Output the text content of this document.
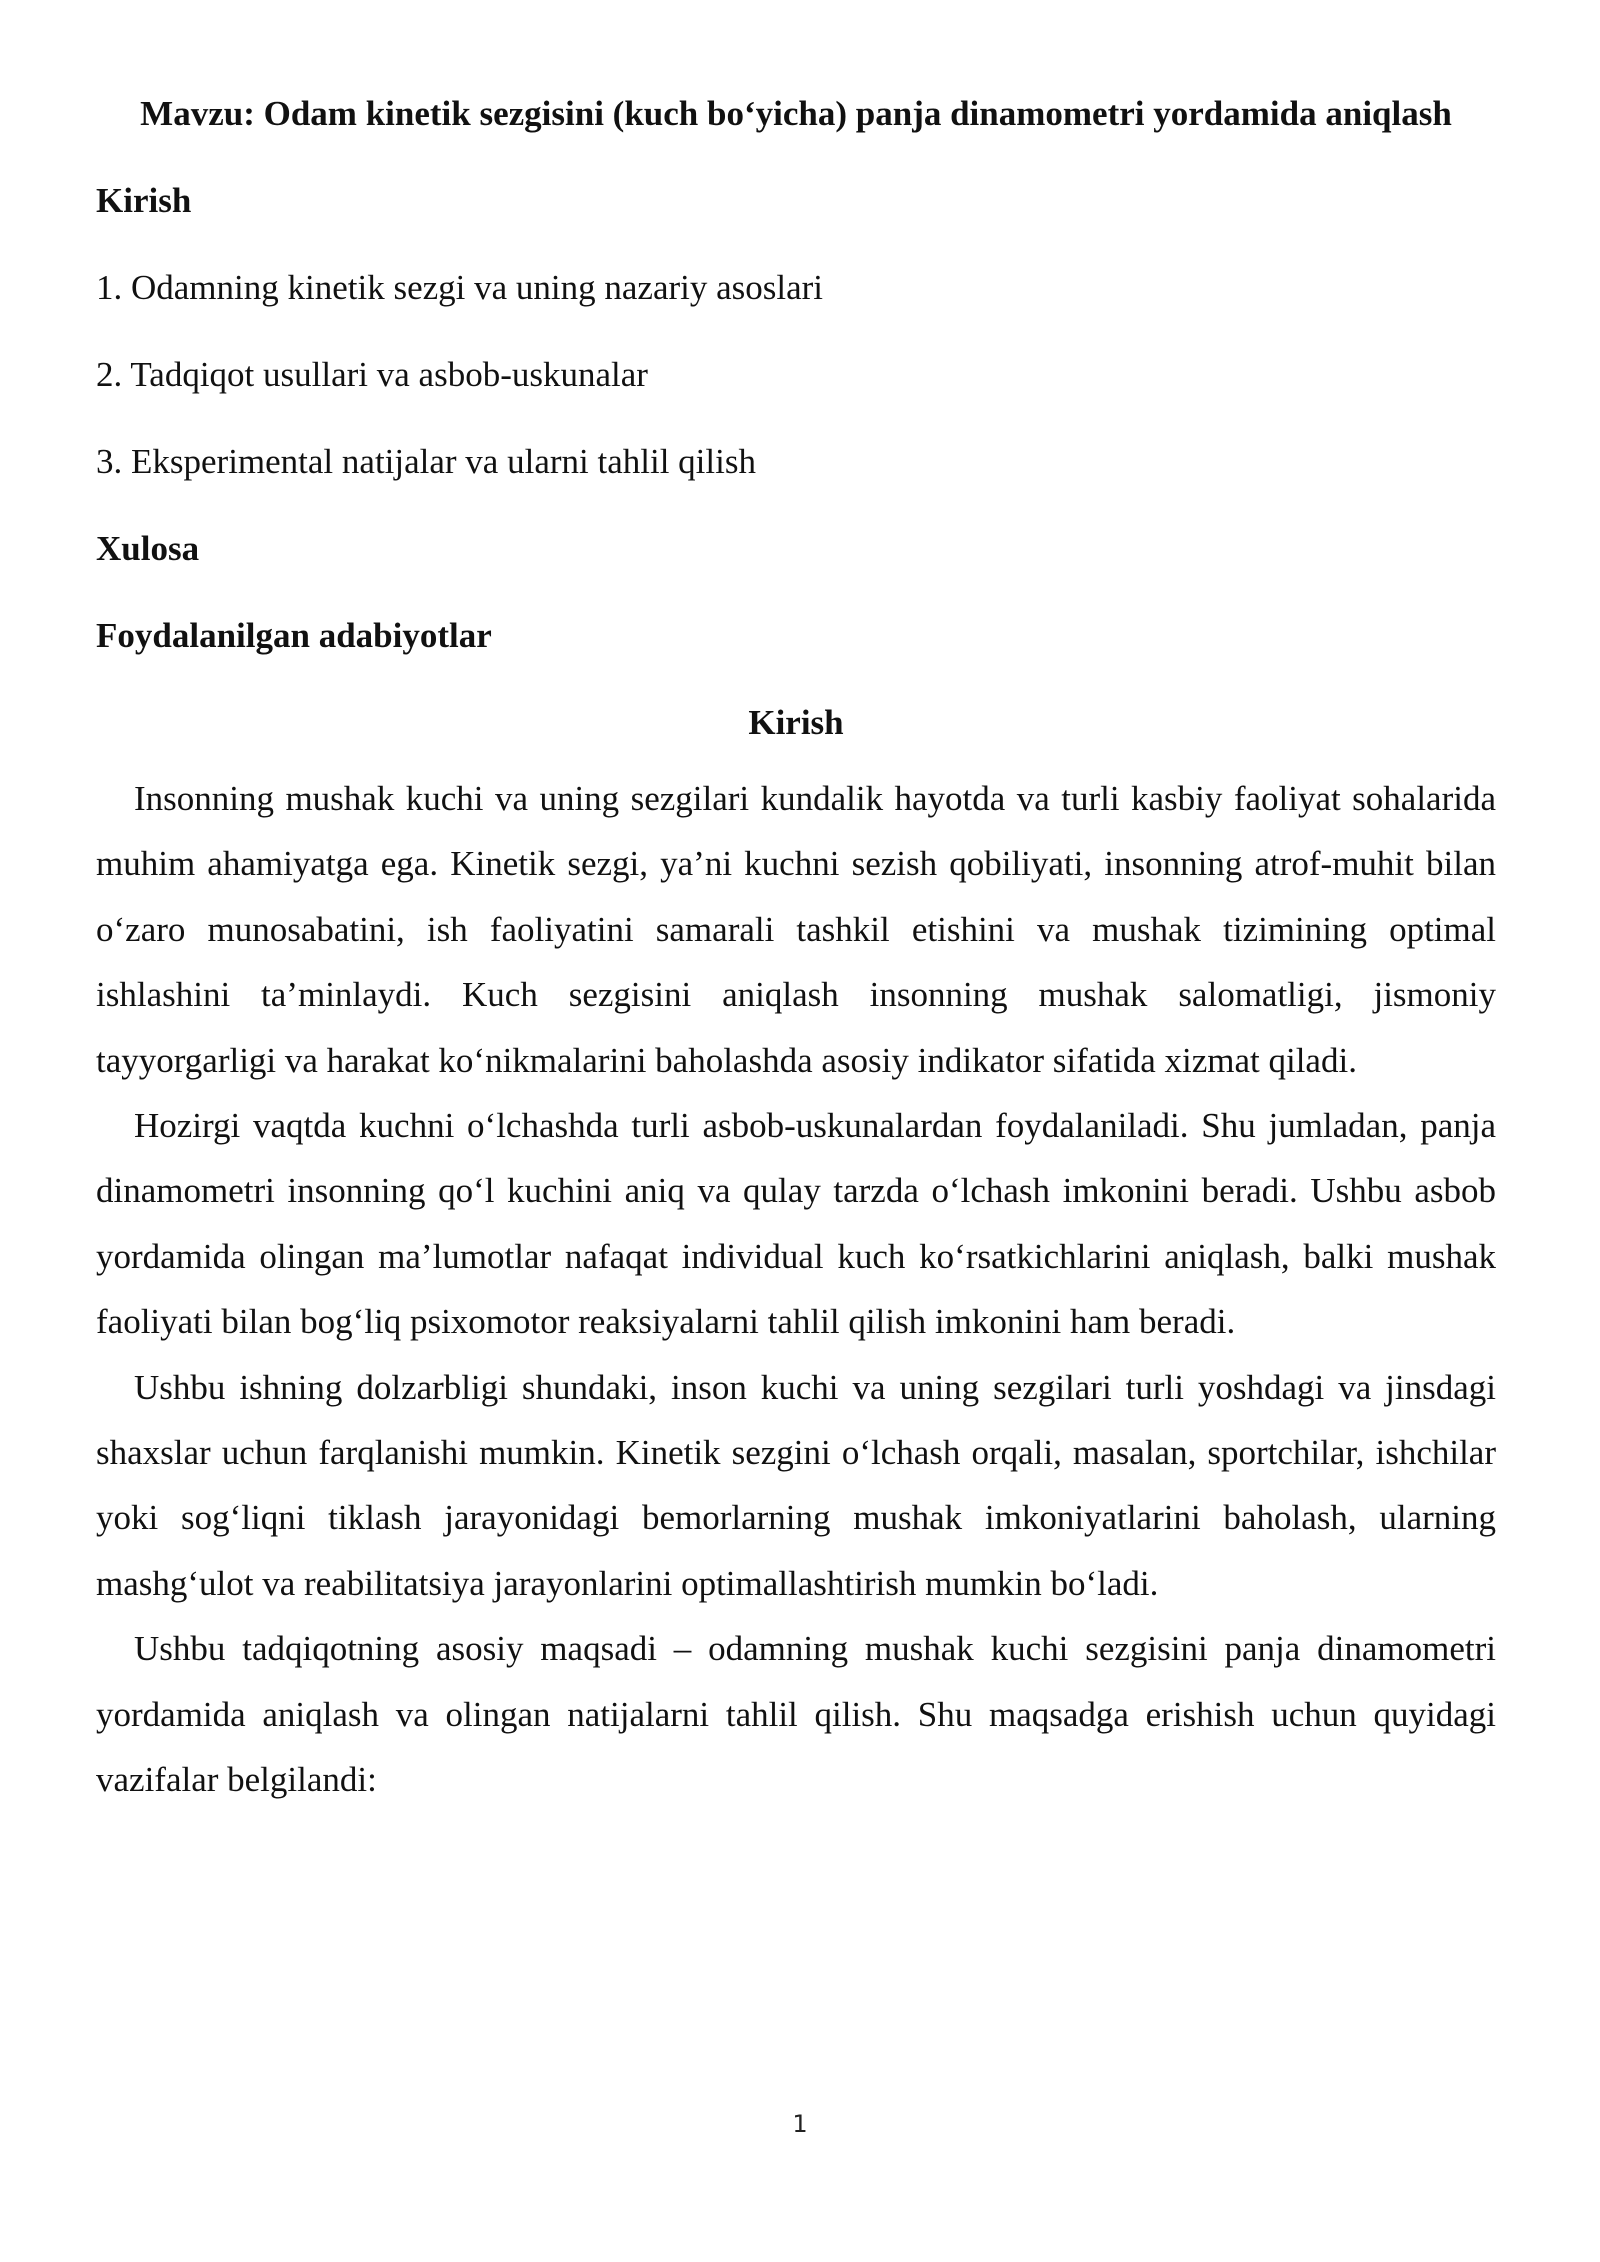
Mavzu: Odam kinetik sezgisini (kuch bo‘yicha) panja dinamometri yordamida aniqlash

Kirish

1. Odamning kinetik sezgi va uning nazariy asoslari

2. Tadqiqot usullari va asbob-uskunalar

3. Eksperimental natijalar va ularni tahlil qilish

Xulosa

Foydalanilgan adabiyotlar

Kirish

Insonning mushak kuchi va uning sezgilari kundalik hayotda va turli kasbiy faoliyat sohalarida muhim ahamiyatga ega. Kinetik sezgi, ya’ni kuchni sezish qobiliyati, insonning atrof-muhit bilan o‘zaro munosabatini, ish faoliyatini samarali tashkil etishini va mushak tizimining optimal ishlashini ta’minlaydi. Kuch sezgisini aniqlash insonning mushak salomatligi, jismoniy tayyorgarligi va harakat ko‘nikmalarini baholashda asosiy indikator sifatida xizmat qiladi.

Hozirgi vaqtda kuchni o‘lchashda turli asbob-uskunalardan foydalaniladi. Shu jumladan, panja dinamometri insonning qo‘l kuchini aniq va qulay tarzda o‘lchash imkonini beradi. Ushbu asbob yordamida olingan ma’lumotlar nafaqat individual kuch ko‘rsatkichlarini aniqlash, balki mushak faoliyati bilan bog‘liq psixomotor reaksiyalarni tahlil qilish imkonini ham beradi.

Ushbu ishning dolzarbligi shundaki, inson kuchi va uning sezgilari turli yoshdagi va jinsdagi shaxslar uchun farqlanishi mumkin. Kinetik sezgini o‘lchash orqali, masalan, sportchilar, ishchilar yoki sog‘liqni tiklash jarayonidagi bemorlarning mushak imkoniyatlarini baholash, ularning mashg‘ulot va reabilitatsiya jarayonlarini optimallashtirish mumkin bo‘ladi.

Ushbu tadqiqotning asosiy maqsadi – odamning mushak kuchi sezgisini panja dinamometri yordamida aniqlash va olingan natijalarni tahlil qilish. Shu maqsadga erishish uchun quyidagi vazifalar belgilandi:

1
